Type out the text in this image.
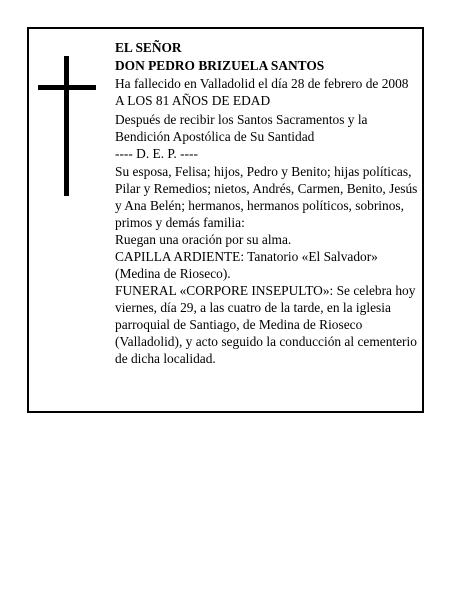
EL SEÑOR

DON PEDRO BRIZUELA SANTOS

Ha fallecido en Valladolid el día 28 de febrero de 2008

A LOS 81 AÑOS DE EDAD

Después de recibir los Santos Sacramentos y la Bendición Apostólica de Su Santidad

---- D. E. P. ----

Su esposa, Felisa; hijos, Pedro y Benito; hijas políticas, Pilar y Remedios; nietos, Andrés, Carmen, Benito, Jesús y Ana Belén; hermanos, hermanos políticos, sobrinos, primos y demás familia:

Ruegan una oración por su alma.

CAPILLA ARDIENTE: Tanatorio «El Salvador» (Medina de Rioseco).

FUNERAL «CORPORE INSEPULTO»: Se celebra hoy viernes, día 29, a las cuatro de la tarde, en la iglesia parroquial de Santiago, de Medina de Rioseco (Valladolid), y acto seguido la conducción al cementerio de dicha localidad.
